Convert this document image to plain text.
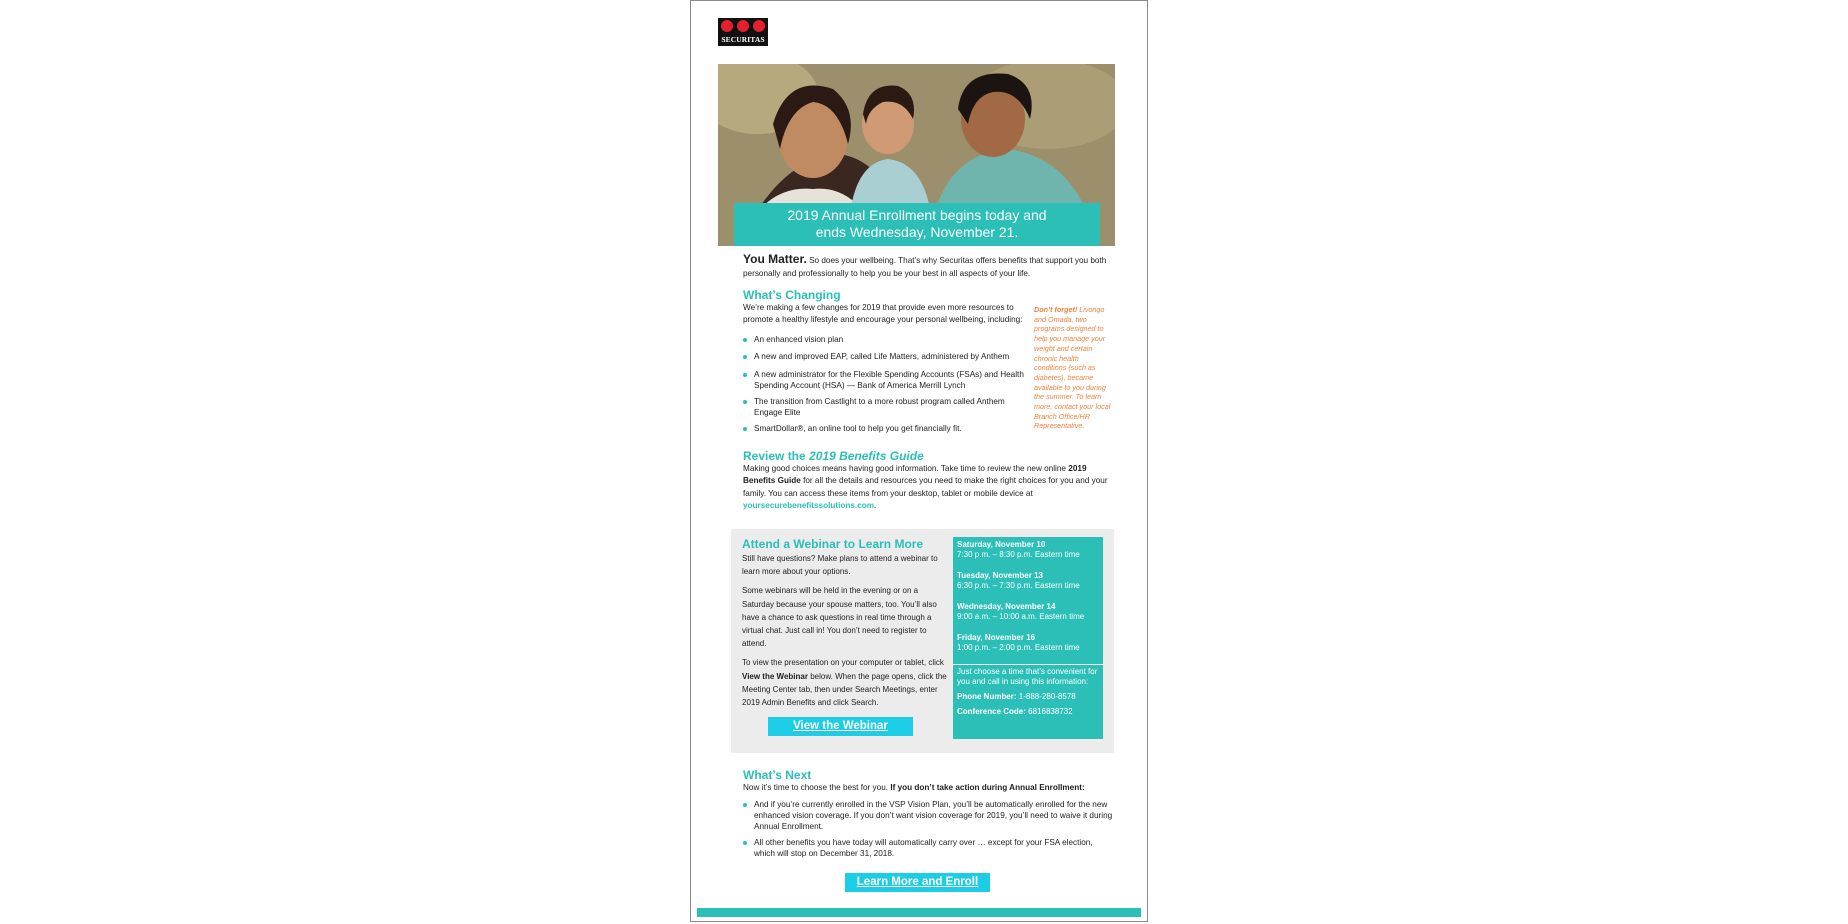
SECURITAS
2019 Annual Enrollment begins today and
ends Wednesday, November 21.
You Matter. So does your wellbeing. That’s why Securitas offers benefits that support you both personally and professionally to help you be your best in all aspects of your life.
What’s Changing
We’re making a few changes for 2019 that provide even more resources to promote a healthy lifestyle and encourage your personal wellbeing, including:
An enhanced vision plan
A new and improved EAP, called Life Matters, administered by Anthem
A new administrator for the Flexible Spending Accounts (FSAs) and Health Spending Account (HSA) — Bank of America Merrill Lynch
The transition from Castlight to a more robust program called Anthem Engage Elite
SmartDollar®, an online tool to help you get financially fit.
Don’t forget! Livongo and Omada, two programs designed to help you manage your weight and certain chronic health conditions (such as diabetes), became available to you during the summer. To learn more, contact your local Branch Office/HR Representative.
Review the 2019 Benefits Guide
Making good choices means having good information. Take time to review the new online 2019 Benefits Guide for all the details and resources you need to make the right choices for you and your family. You can access these items from your desktop, tablet or mobile device at yoursecurebenefitssolutions.com.
Attend a Webinar to Learn More

Still have questions? Make plans to attend a webinar to learn more about your options.

Some webinars will be held in the evening or on a Saturday because your spouse matters, too. You’ll also have a chance to ask questions in real time through a virtual chat. Just call in! You don’t need to register to attend.

To view the presentation on your computer or tablet, click View the Webinar below. When the page opens, click the Meeting Center tab, then under Search Meetings, enter 2019 Admin Benefits and click Search.

Saturday, November 10
7:30 p.m. – 8:30 p.m. Eastern time
Tuesday, November 13
6:30 p.m. – 7:30 p.m. Eastern time
Wednesday, November 14
9:00 a.m. – 10:00 a.m. Eastern time
Friday, November 16
1:00 p.m. – 2:00 p.m. Eastern time

Just choose a time that’s convenient for you and call in using this information:

Phone Number: 1-888-280-8578

Conference Code: 6816838732

View the Webinar
What’s Next
Now it’s time to choose the best for you. If you don’t take action during Annual Enrollment:
And if you’re currently enrolled in the VSP Vision Plan, you’ll be automatically enrolled for the new enhanced vision coverage. If you don’t want vision coverage for 2019, you’ll need to waive it during Annual Enrollment.
All other benefits you have today will automatically carry over … except for your FSA election, which will stop on December 31, 2018.
Learn More and Enroll
